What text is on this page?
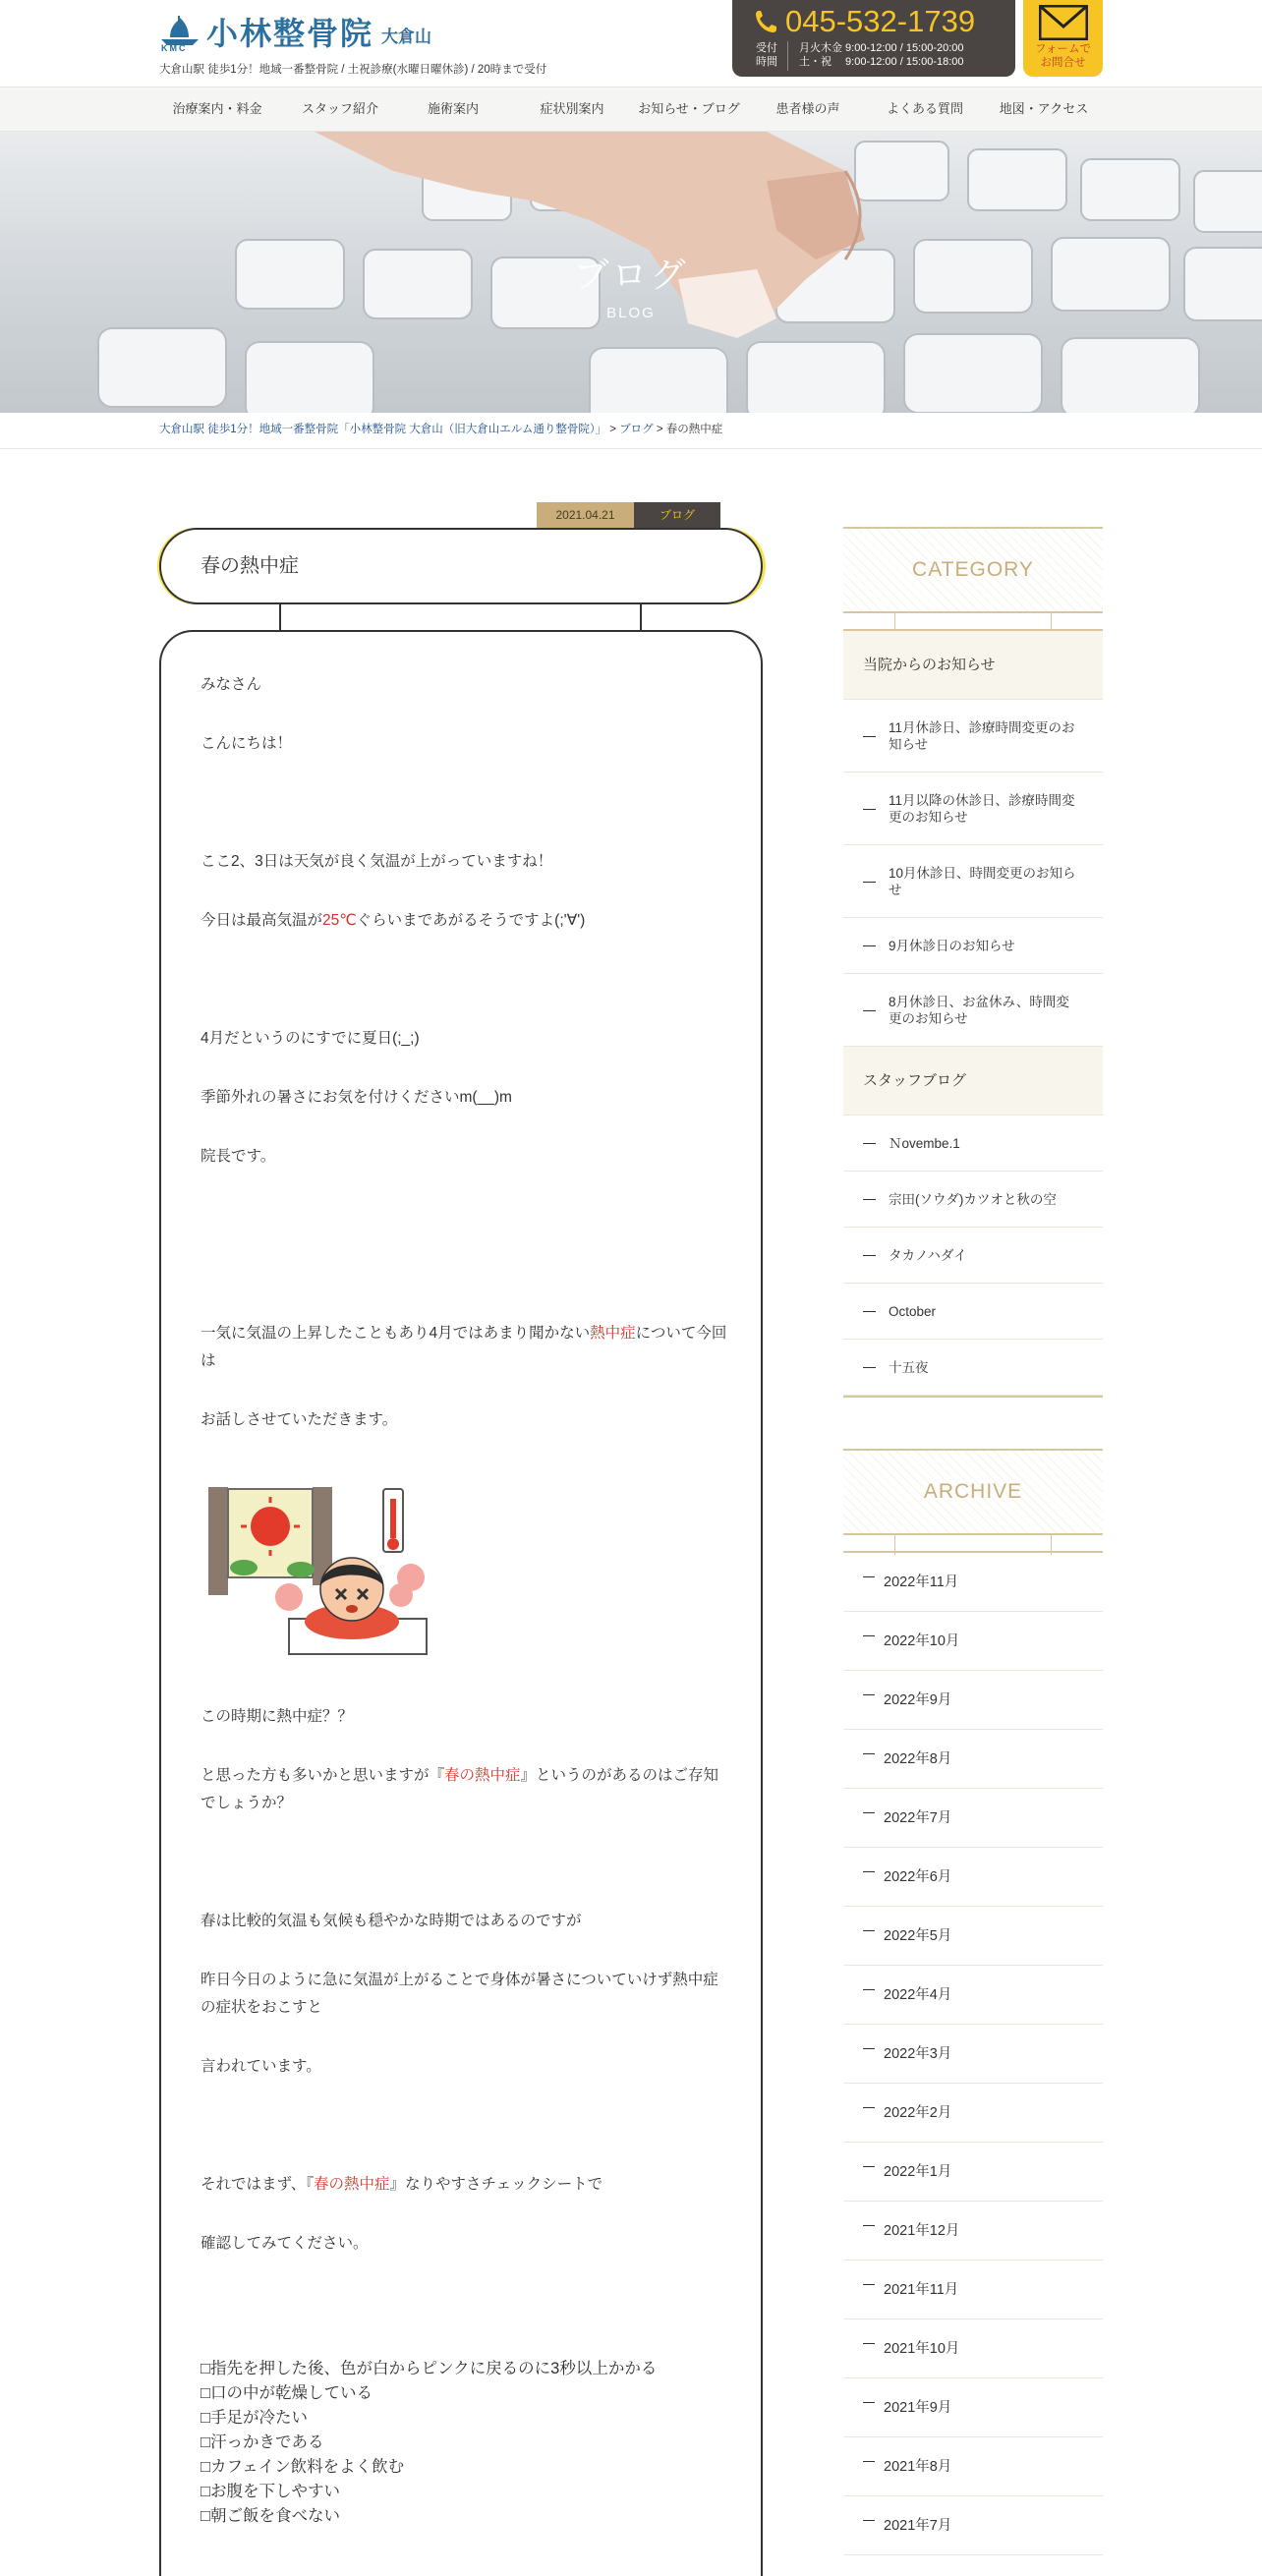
KMC 小林整骨院 大倉山
大倉山駅 徒歩1分！地域一番整骨院 / 土祝診療(水曜日曜休診) / 20時まで受付
045-532-1739
受付
時間
月火木金 9:00-12:00 / 15:00-20:00
土・祝　 9:00-12:00 / 15:00-18:00
フォームで
お問合せ
治療案内・料金	スタッフ紹介	施術案内	症状別案内	お知らせ・ブログ	患者様の声	よくある質問	地図・アクセス
ブログ
BLOG
大倉山駅 徒歩1分！地域一番整骨院「小林整骨院 大倉山（旧大倉山エルム通り整骨院）」 > ブログ > 春の熱中症
2021.04.21	ブログ
春の熱中症

みなさん

こんにちは！

ここ2、3日は天気が良く気温が上がっていますね！

今日は最高気温が25℃ぐらいまであがるそうですよ(;'∀')

4月だというのにすでに夏日(;_;)

季節外れの暑さにお気を付けくださいm(__)m

院長です。

一気に気温の上昇したこともあり4月ではあまり聞かない熱中症について今回は

お話しさせていただきます。

この時期に熱中症？？

と思った方も多いかと思いますが『春の熱中症』というのがあるのはご存知でしょうか？

春は比較的気温も気候も穏やかな時期ではあるのですが

昨日今日のように急に気温が上がることで身体が暑さについていけず熱中症の症状をおこすと

言われています。

それではまず、『春の熱中症』なりやすさチェックシートで

確認してみてください。

□指先を押した後、色が白からピンクに戻るのに3秒以上かかる
□口の中が乾燥している
□手足が冷たい
□汗っかきである
□カフェイン飲料をよく飲む
□お腹を下しやすい
□朝ご飯を食べない
CATEGORY
当院からのお知らせ
11月休診日、診療時間変更のお知らせ
11月以降の休診日、診療時間変更のお知らせ
10月休診日、時間変更のお知らせ
9月休診日のお知らせ
8月休診日、お盆休み、時間変更のお知らせ
スタッフブログ
Ｎovembe.1
宗田(ソウダ)カツオと秋の空
タカノハダイ
October
十五夜
ARCHIVE
2022年11月
2022年10月
2022年9月
2022年8月
2022年7月
2022年6月
2022年5月
2022年4月
2022年3月
2022年2月
2022年1月
2021年12月
2021年11月
2021年10月
2021年9月
2021年8月
2021年7月
